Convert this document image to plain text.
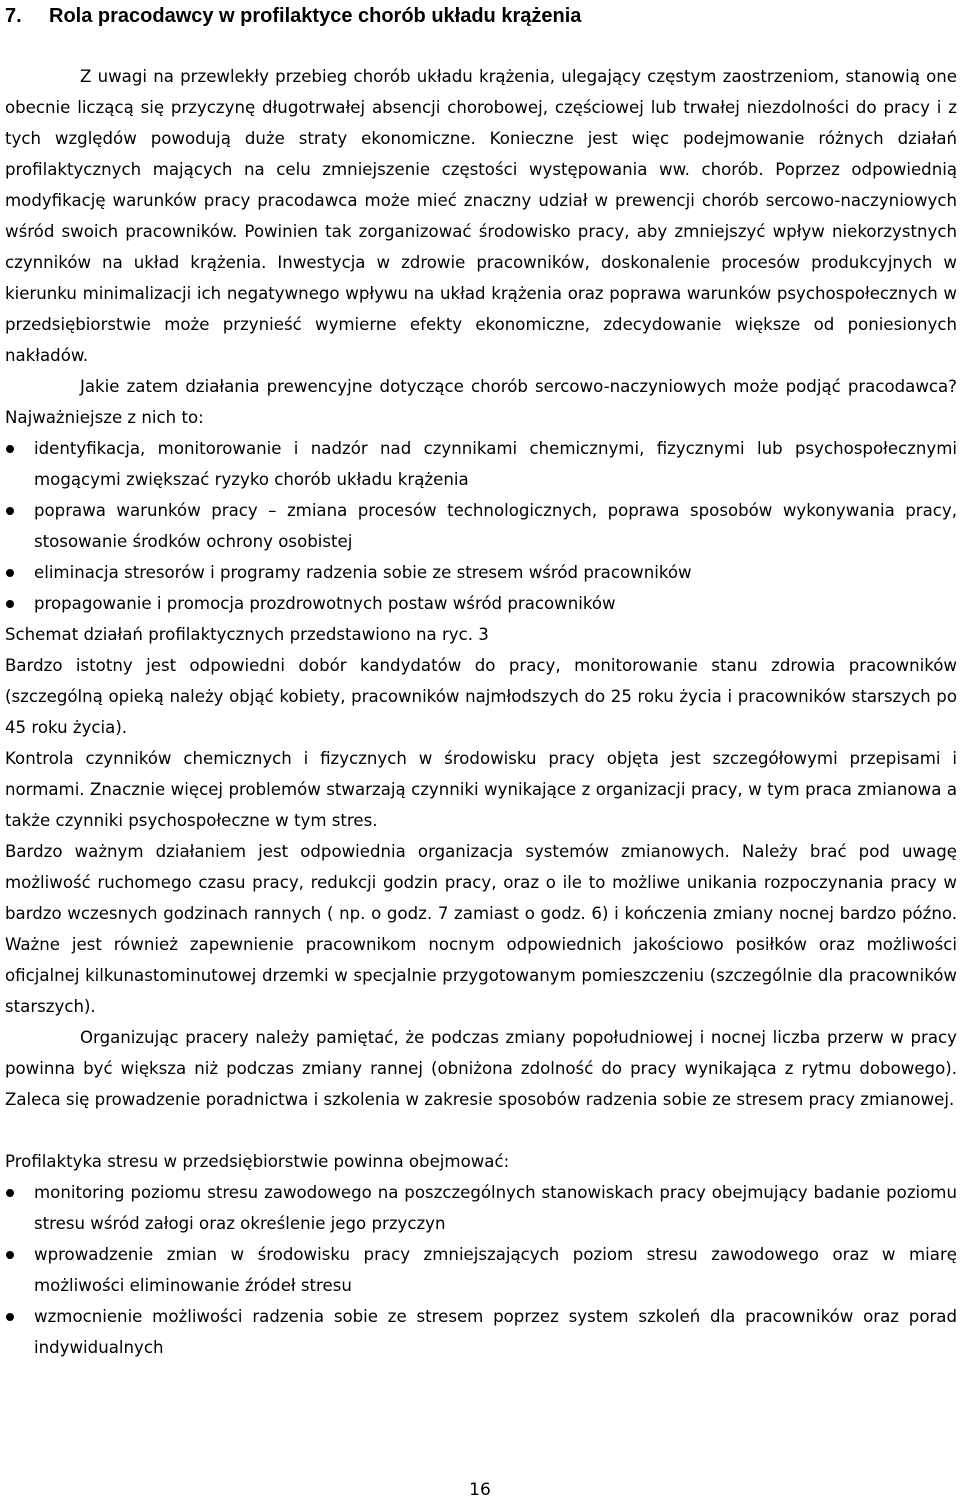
7. Rola pracodawcy w profilaktyce chorób układu krążenia

Z uwagi na przewlekły przebieg chorób układu krążenia, ulegający częstym zaostrzeniom, stanowią one obecnie liczącą się przyczynę długotrwałej absencji chorobowej, częściowej lub trwałej niezdolności do pracy i z tych względów powodują duże straty ekonomiczne. Konieczne jest więc podejmowanie różnych działań profilaktycznych mających na celu zmniejszenie częstości występowania ww. chorób. Poprzez odpowiednią modyfikację warunków pracy pracodawca może mieć znaczny udział w prewencji chorób sercowo-naczyniowych wśród swoich pracowników. Powinien tak zorganizować środowisko pracy, aby zmniejszyć wpływ niekorzystnych czynników na układ krążenia. Inwestycja w zdrowie pracowników, doskonalenie procesów produkcyjnych w kierunku minimalizacji ich negatywnego wpływu na układ krążenia oraz poprawa warunków psychospołecznych w przedsiębiorstwie może przynieść wymierne efekty ekonomiczne, zdecydowanie większe od poniesionych nakładów.

Jakie zatem działania prewencyjne dotyczące chorób sercowo-naczyniowych może podjąć pracodawca? Najważniejsze z nich to:

identyfikacja, monitorowanie i nadzór nad czynnikami chemicznymi, fizycznymi lub psychospołecznymi mogącymi zwiększać ryzyko chorób układu krążenia
poprawa warunków pracy – zmiana procesów technologicznych, poprawa sposobów wykonywania pracy, stosowanie środków ochrony osobistej
eliminacja stresorów i programy radzenia sobie ze stresem wśród pracowników
propagowanie i promocja prozdrowotnych postaw wśród pracowników

Schemat działań profilaktycznych przedstawiono na ryc. 3

Bardzo istotny jest odpowiedni dobór kandydatów do pracy, monitorowanie stanu zdrowia pracowników (szczególną opieką należy objąć kobiety, pracowników najmłodszych do 25 roku życia i pracowników starszych po 45 roku życia).

Kontrola czynników chemicznych i fizycznych w środowisku pracy objęta jest szczegółowymi przepisami i normami. Znacznie więcej problemów stwarzają czynniki wynikające z organizacji pracy, w tym praca zmianowa a także czynniki psychospołeczne w tym stres.

Bardzo ważnym działaniem jest odpowiednia organizacja systemów zmianowych. Należy brać pod uwagę możliwość ruchomego czasu pracy, redukcji godzin pracy, oraz o ile to możliwe unikania rozpoczynania pracy w bardzo wczesnych godzinach rannych ( np. o godz. 7 zamiast o godz. 6) i kończenia zmiany nocnej bardzo późno. Ważne jest również zapewnienie pracownikom nocnym odpowiednich jakościowo posiłków oraz możliwości oficjalnej kilkunastominutowej drzemki w specjalnie przygotowanym pomieszczeniu (szczególnie dla pracowników starszych).

Organizując pracery należy pamiętać, że podczas zmiany popołudniowej i nocnej liczba przerw w pracy powinna być większa niż podczas zmiany rannej (obniżona zdolność do pracy wynikająca z rytmu dobowego). Zaleca się prowadzenie poradnictwa i szkolenia w zakresie sposobów radzenia sobie ze stresem pracy zmianowej.

Profilaktyka stresu w przedsiębiorstwie powinna obejmować:

monitoring poziomu stresu zawodowego na poszczególnych stanowiskach pracy obejmujący badanie poziomu stresu wśród załogi oraz określenie jego przyczyn
wprowadzenie zmian w środowisku pracy zmniejszających poziom stresu zawodowego oraz w miarę możliwości eliminowanie źródeł stresu
wzmocnienie możliwości radzenia sobie ze stresem poprzez system szkoleń dla pracowników oraz porad indywidualnych
16
